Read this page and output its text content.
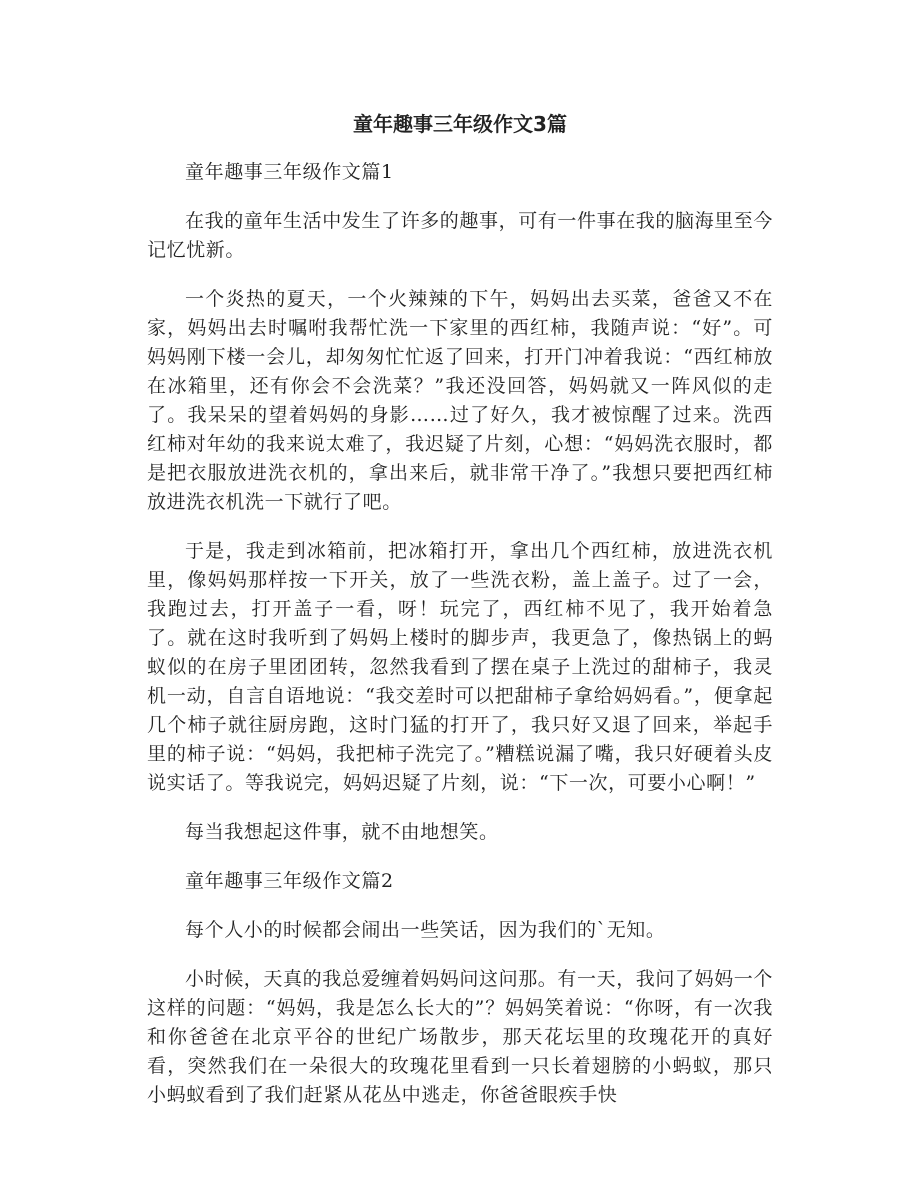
童年趣事三年级作文3篇

童年趣事三年级作文篇1

在我的童年生活中发生了许多的趣事，可有一件事在我的脑海里至今记忆忧新。

一个炎热的夏天，一个火辣辣的下午，妈妈出去买菜，爸爸又不在家，妈妈出去时嘱咐我帮忙洗一下家里的西红柿，我随声说：“好”。可妈妈刚下楼一会儿，却匆匆忙忙返了回来，打开门冲着我说：“西红柿放在冰箱里，还有你会不会洗菜？”我还没回答，妈妈就又一阵风似的走了。我呆呆的望着妈妈的身影……过了好久，我才被惊醒了过来。洗西红柿对年幼的我来说太难了，我迟疑了片刻，心想：“妈妈洗衣服时，都是把衣服放进洗衣机的，拿出来后，就非常干净了。”我想只要把西红柿放进洗衣机洗一下就行了吧。

于是，我走到冰箱前，把冰箱打开，拿出几个西红柿，放进洗衣机里，像妈妈那样按一下开关，放了一些洗衣粉，盖上盖子。过了一会，我跑过去，打开盖子一看，呀！玩完了，西红柿不见了，我开始着急了。就在这时我听到了妈妈上楼时的脚步声，我更急了，像热锅上的蚂蚁似的在房子里团团转，忽然我看到了摆在桌子上洗过的甜柿子，我灵机一动，自言自语地说：“我交差时可以把甜柿子拿给妈妈看。”，便拿起几个柿子就往厨房跑，这时门猛的打开了，我只好又退了回来，举起手里的柿子说：“妈妈，我把柿子洗完了。”糟糕说漏了嘴，我只好硬着头皮说实话了。等我说完，妈妈迟疑了片刻，说：“下一次，可要小心啊！”

每当我想起这件事，就不由地想笑。

童年趣事三年级作文篇2

每个人小的时候都会闹出一些笑话，因为我们的`无知。

小时候，天真的我总爱缠着妈妈问这问那。有一天，我问了妈妈一个这样的问题：“妈妈，我是怎么长大的”？妈妈笑着说：“你呀，有一次我和你爸爸在北京平谷的世纪广场散步，那天花坛里的玫瑰花开的真好看，突然我们在一朵很大的玫瑰花里看到一只长着翅膀的小蚂蚁，那只小蚂蚁看到了我们赶紧从花丛中逃走，你爸爸眼疾手快
